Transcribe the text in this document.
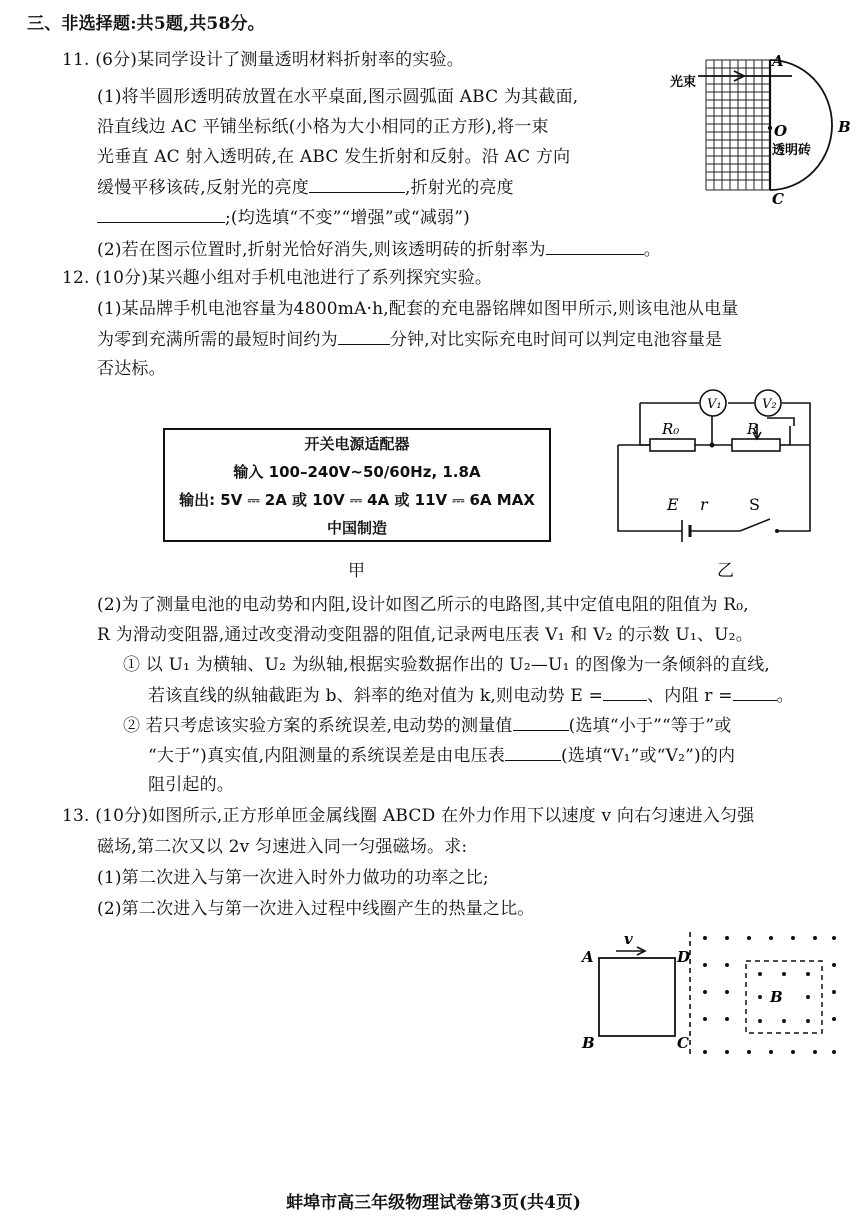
三、非选择题:共5题,共58分。
11. (6分)某同学设计了测量透明材料折射率的实验。
(1)将半圆形透明砖放置在水平桌面,图示圆弧面 ABC 为其截面,
沿直线边 AC 平铺坐标纸(小格为大小相同的正方形),将一束
光垂直 AC 射入透明砖,在 ABC 发生折射和反射。沿 AC 方向
缓慢平移该砖,反射光的亮度	,折射光的亮度
;(均选填“不变”“增强”或“减弱”)
(2)若在图示位置时,折射光恰好消失,则该透明砖的折射率为	。
光束
A
B
C
O
透明砖
12. (10分)某兴趣小组对手机电池进行了系列探究实验。
(1)某品牌手机电池容量为4800mA·h,配套的充电器铭牌如图甲所示,则该电池从电量
为零到充满所需的最短时间约为	分钟,对比实际充电时间可以判定电池容量是
否达标。
开关电源适配器
输入 100–240V~50/60Hz, 1.8A
输出: 5V ⎓ 2A 或 10V ⎓ 4A 或 11V ⎓ 6A MAX
中国制造
甲
V₁	V₂
R₀	R
E r	S
乙
(2)为了测量电池的电动势和内阻,设计如图乙所示的电路图,其中定值电阻的阻值为 R₀,
R 为滑动变阻器,通过改变滑动变阻器的阻值,记录两电压表 V₁ 和 V₂ 的示数 U₁、U₂。
① 以 U₁ 为横轴、U₂ 为纵轴,根据实验数据作出的 U₂—U₁ 的图像为一条倾斜的直线,
若该直线的纵轴截距为 b、斜率的绝对值为 k,则电动势 E =	、内阻 r =	。
② 若只考虑该实验方案的系统误差,电动势的测量值	(选填“小于”“等于”或
“大于”)真实值,内阻测量的系统误差是由电压表	(选填“V₁”或“V₂”)的内
阻引起的。
13. (10分)如图所示,正方形单匝金属线圈 ABCD 在外力作用下以速度 v 向右匀速进入匀强
磁场,第二次又以 2v 匀速进入同一匀强磁场。求:
(1)第二次进入与第一次进入时外力做功的功率之比;
(2)第二次进入与第一次进入过程中线圈产生的热量之比。
A
B	C
D
v
B
蚌埠市高三年级物理试卷第3页(共4页)
